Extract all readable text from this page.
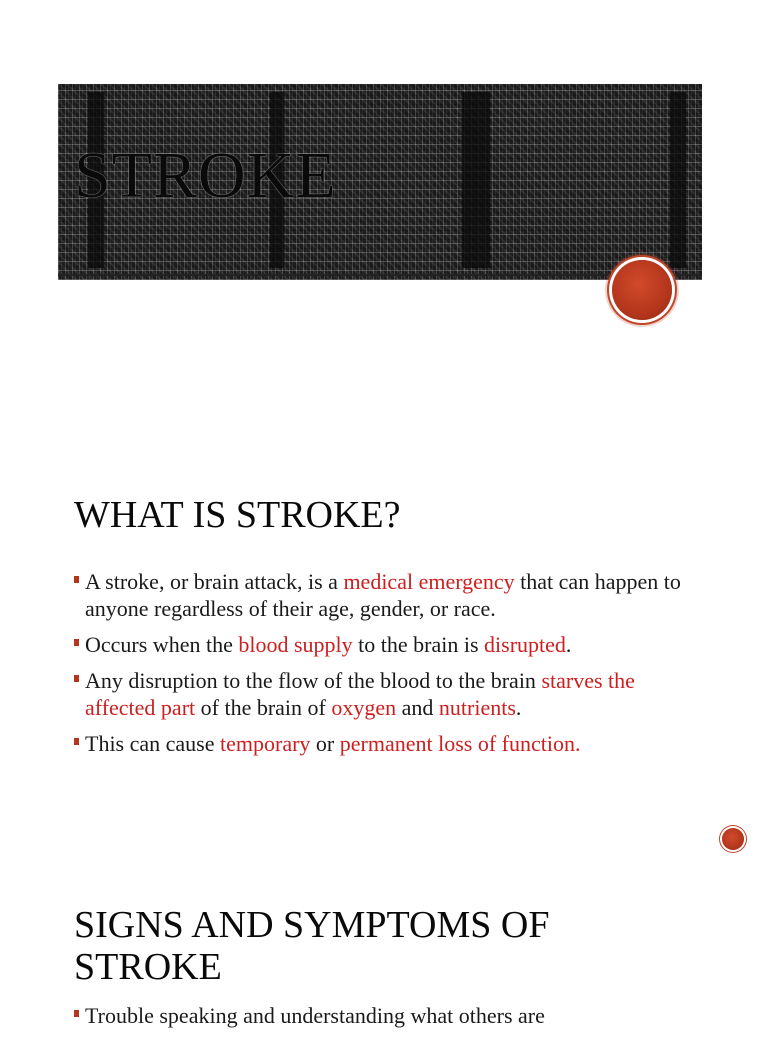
STROKE
WHAT IS STROKE?
A stroke, or brain attack, is a medical emergency that can happen to anyone regardless of their age, gender, or race.
Occurs when the blood supply to the brain is disrupted.
Any disruption to the flow of the blood to the brain starves the affected part of the brain of oxygen and nutrients.
This can cause temporary or permanent loss of function.
SIGNS AND SYMPTOMS OF STROKE
Trouble speaking and understanding what others are
